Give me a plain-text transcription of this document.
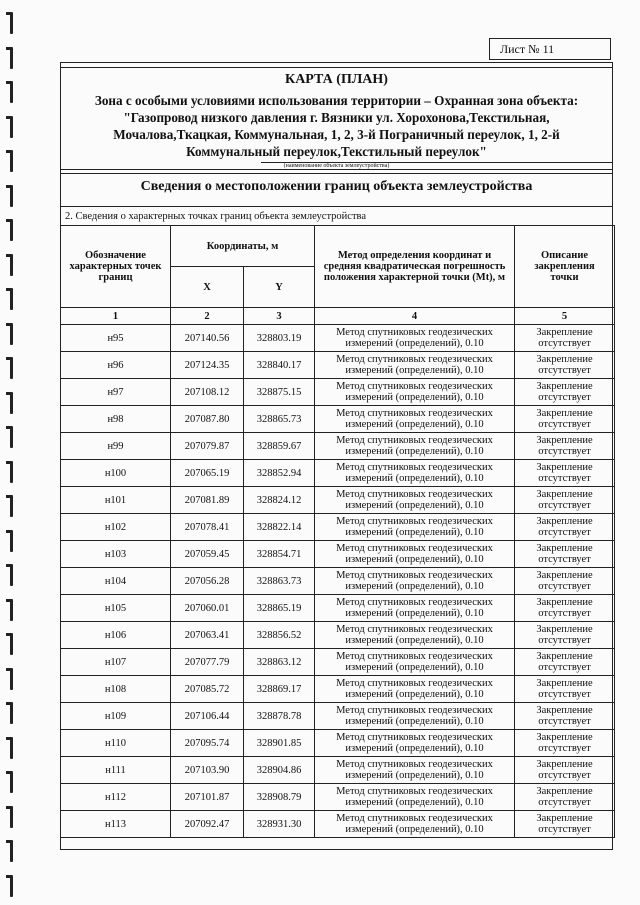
Лист № 11
КАРТА (ПЛАН)
Зона с особыми условиями использования территории – Охранная зона объекта: "Газопровод низкого давления г. Вязники ул. Хорохонова,Текстильная, Мочалова,Ткацкая, Коммунальная, 1, 2, 3-й Пограничный переулок, 1, 2-й Коммунальный переулок,Текстильный переулок"
(наименование объекта землеустройства)
Сведения о местоположении границ объекта землеустройства
2. Сведения о характерных точках границ объекта землеустройства
Обозначение характерных точек границ	Координаты, м		Метод определения координат и средняя квадратическая погрешность положения характерной точки (Mt), м	Описание закрепления точки
	X	Y		
1	2	3	4	5
н95	207140.56	328803.19	Метод спутниковых геодезических измерений (определений), 0.10	Закрепление отсутствует
н96	207124.35	328840.17	Метод спутниковых геодезических измерений (определений), 0.10	Закрепление отсутствует
н97	207108.12	328875.15	Метод спутниковых геодезических измерений (определений), 0.10	Закрепление отсутствует
н98	207087.80	328865.73	Метод спутниковых геодезических измерений (определений), 0.10	Закрепление отсутствует
н99	207079.87	328859.67	Метод спутниковых геодезических измерений (определений), 0.10	Закрепление отсутствует
н100	207065.19	328852.94	Метод спутниковых геодезических измерений (определений), 0.10	Закрепление отсутствует
н101	207081.89	328824.12	Метод спутниковых геодезических измерений (определений), 0.10	Закрепление отсутствует
н102	207078.41	328822.14	Метод спутниковых геодезических измерений (определений), 0.10	Закрепление отсутствует
н103	207059.45	328854.71	Метод спутниковых геодезических измерений (определений), 0.10	Закрепление отсутствует
н104	207056.28	328863.73	Метод спутниковых геодезических измерений (определений), 0.10	Закрепление отсутствует
н105	207060.01	328865.19	Метод спутниковых геодезических измерений (определений), 0.10	Закрепление отсутствует
н106	207063.41	328856.52	Метод спутниковых геодезических измерений (определений), 0.10	Закрепление отсутствует
н107	207077.79	328863.12	Метод спутниковых геодезических измерений (определений), 0.10	Закрепление отсутствует
н108	207085.72	328869.17	Метод спутниковых геодезических измерений (определений), 0.10	Закрепление отсутствует
н109	207106.44	328878.78	Метод спутниковых геодезических измерений (определений), 0.10	Закрепление отсутствует
н110	207095.74	328901.85	Метод спутниковых геодезических измерений (определений), 0.10	Закрепление отсутствует
н111	207103.90	328904.86	Метод спутниковых геодезических измерений (определений), 0.10	Закрепление отсутствует
н112	207101.87	328908.79	Метод спутниковых геодезических измерений (определений), 0.10	Закрепление отсутствует
н113	207092.47	328931.30	Метод спутниковых геодезических измерений (определений), 0.10	Закрепление отсутствует
